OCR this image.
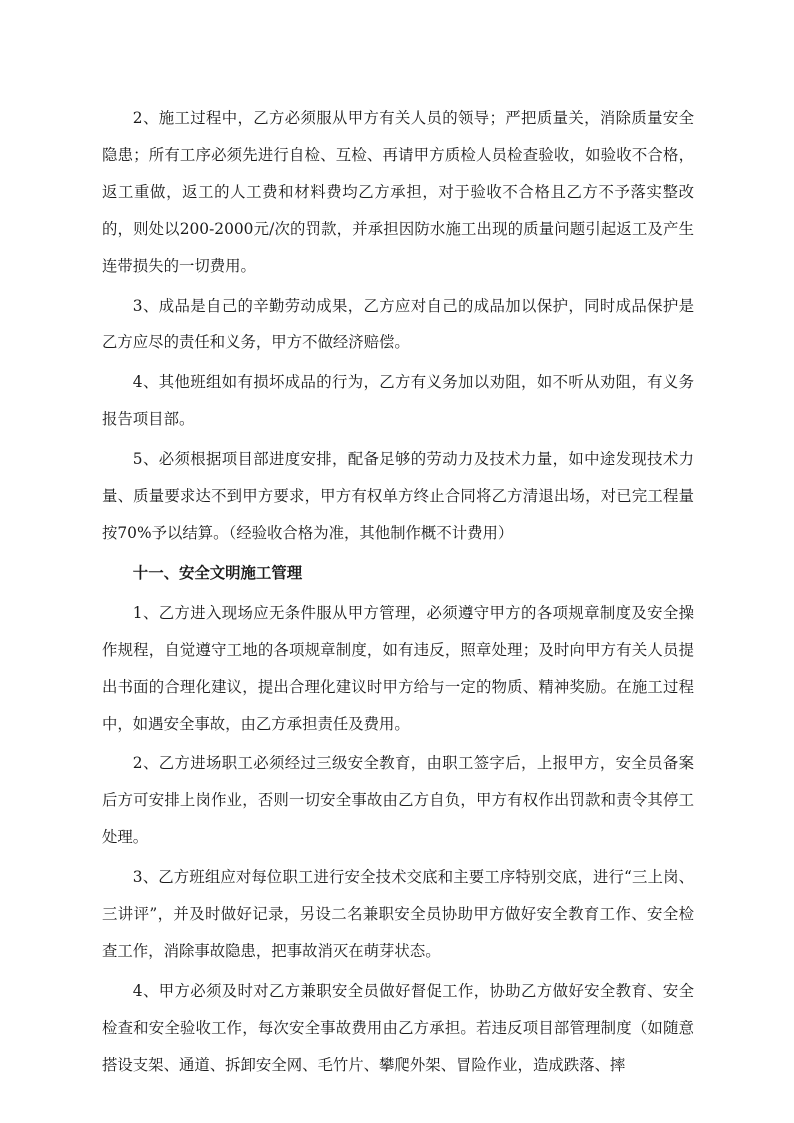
2、施工过程中，乙方必须服从甲方有关人员的领导；严把质量关，消除质量安全隐患；所有工序必须先进行自检、互检、再请甲方质检人员检查验收，如验收不合格，返工重做，返工的人工费和材料费均乙方承担，对于验收不合格且乙方不予落实整改的，则处以200-2000元/次的罚款，并承担因防水施工出现的质量问题引起返工及产生连带损失的一切费用。

3、成品是自己的辛勤劳动成果，乙方应对自己的成品加以保护，同时成品保护是乙方应尽的责任和义务，甲方不做经济赔偿。

4、其他班组如有损坏成品的行为，乙方有义务加以劝阻，如不听从劝阻，有义务报告项目部。

5、必须根据项目部进度安排，配备足够的劳动力及技术力量，如中途发现技术力量、质量要求达不到甲方要求，甲方有权单方终止合同将乙方清退出场，对已完工程量按70%予以结算。（经验收合格为准，其他制作概不计费用）

十一、安全文明施工管理

1、乙方进入现场应无条件服从甲方管理，必须遵守甲方的各项规章制度及安全操作规程，自觉遵守工地的各项规章制度，如有违反，照章处理；及时向甲方有关人员提出书面的合理化建议，提出合理化建议时甲方给与一定的物质、精神奖励。在施工过程中，如遇安全事故，由乙方承担责任及费用。

2、乙方进场职工必须经过三级安全教育，由职工签字后，上报甲方，安全员备案后方可安排上岗作业，否则一切安全事故由乙方自负，甲方有权作出罚款和责令其停工处理。

3、乙方班组应对每位职工进行安全技术交底和主要工序特别交底，进行“三上岗、三讲评”，并及时做好记录，另设二名兼职安全员协助甲方做好安全教育工作、安全检查工作，消除事故隐患，把事故消灭在萌芽状态。

4、甲方必须及时对乙方兼职安全员做好督促工作，协助乙方做好安全教育、安全检查和安全验收工作，每次安全事故费用由乙方承担。若违反项目部管理制度（如随意搭设支架、通道、拆卸安全网、毛竹片、攀爬外架、冒险作业，造成跌落、摔
